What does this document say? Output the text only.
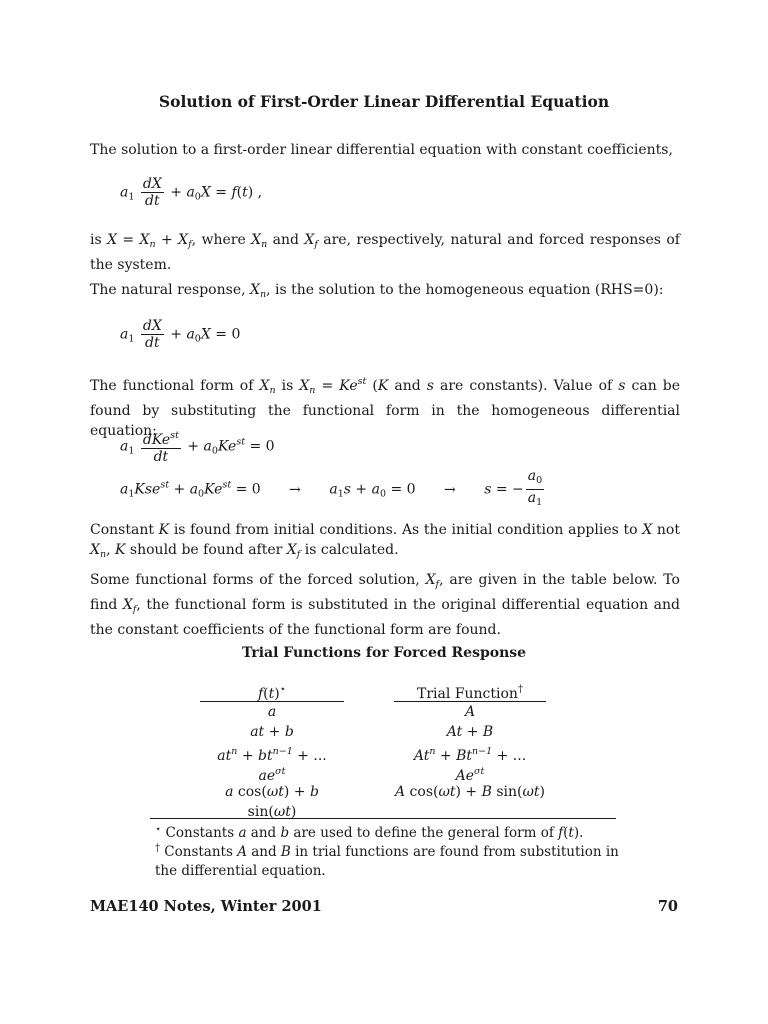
Solution of First-Order Linear Differential Equation
The solution to a first-order linear differential equation with constant coefficients,
$a_1 \frac{dX}{dt} + a_0X = f(t)$ ,
is $X = X_n + X_f$, where $X_n$ and $X_f$ are, respectively, natural and forced responses of the system.
The natural response, $X_n$, is the solution to the homogeneous equation (RHS=0):
$a_1 \frac{dX}{dt} + a_0X = 0$
The functional form of $X_n$ is $X_n = Ke^{st}$ (K and s are constants). Value of s can be found by substituting the functional form in the homogeneous differential equation:
$a_1 \frac{dKe^{st}}{dt} + a_0Ke^{st} = 0$
$a_1Kse^{st} + a_0Ke^{st} = 0 \to a_1s + a_0 = 0 \to s$ = − $\frac{a_0}{a_1}$
Constant K is found from initial conditions. As the initial condition applies to X not $X_n$, K should be found after $X_f$ is calculated.
Some functional forms of the forced solution, $X_f$, are given in the table below. To find $X_f$, the functional form is substituted in the original differential equation and the constant coefficients of the functional form are found.
Trial Functions for Forced Response
f(t)⋆
a
at + b
$at^n + bt^{n-1}$ + ...
$ae^{\sigma t}$
a cos(ωt) + b sin(ωt)
Trial Function†
A
At + B
$At^n + Bt^{n-1}$ + ...
$Ae^{\sigma t}$
A cos(ωt) + B sin(ωt)
⋆ Constants a and b are used to define the general form of f(t).
† Constants A and B in trial functions are found from substitution in
the differential equation.
MAE140 Notes, Winter 2001	70
